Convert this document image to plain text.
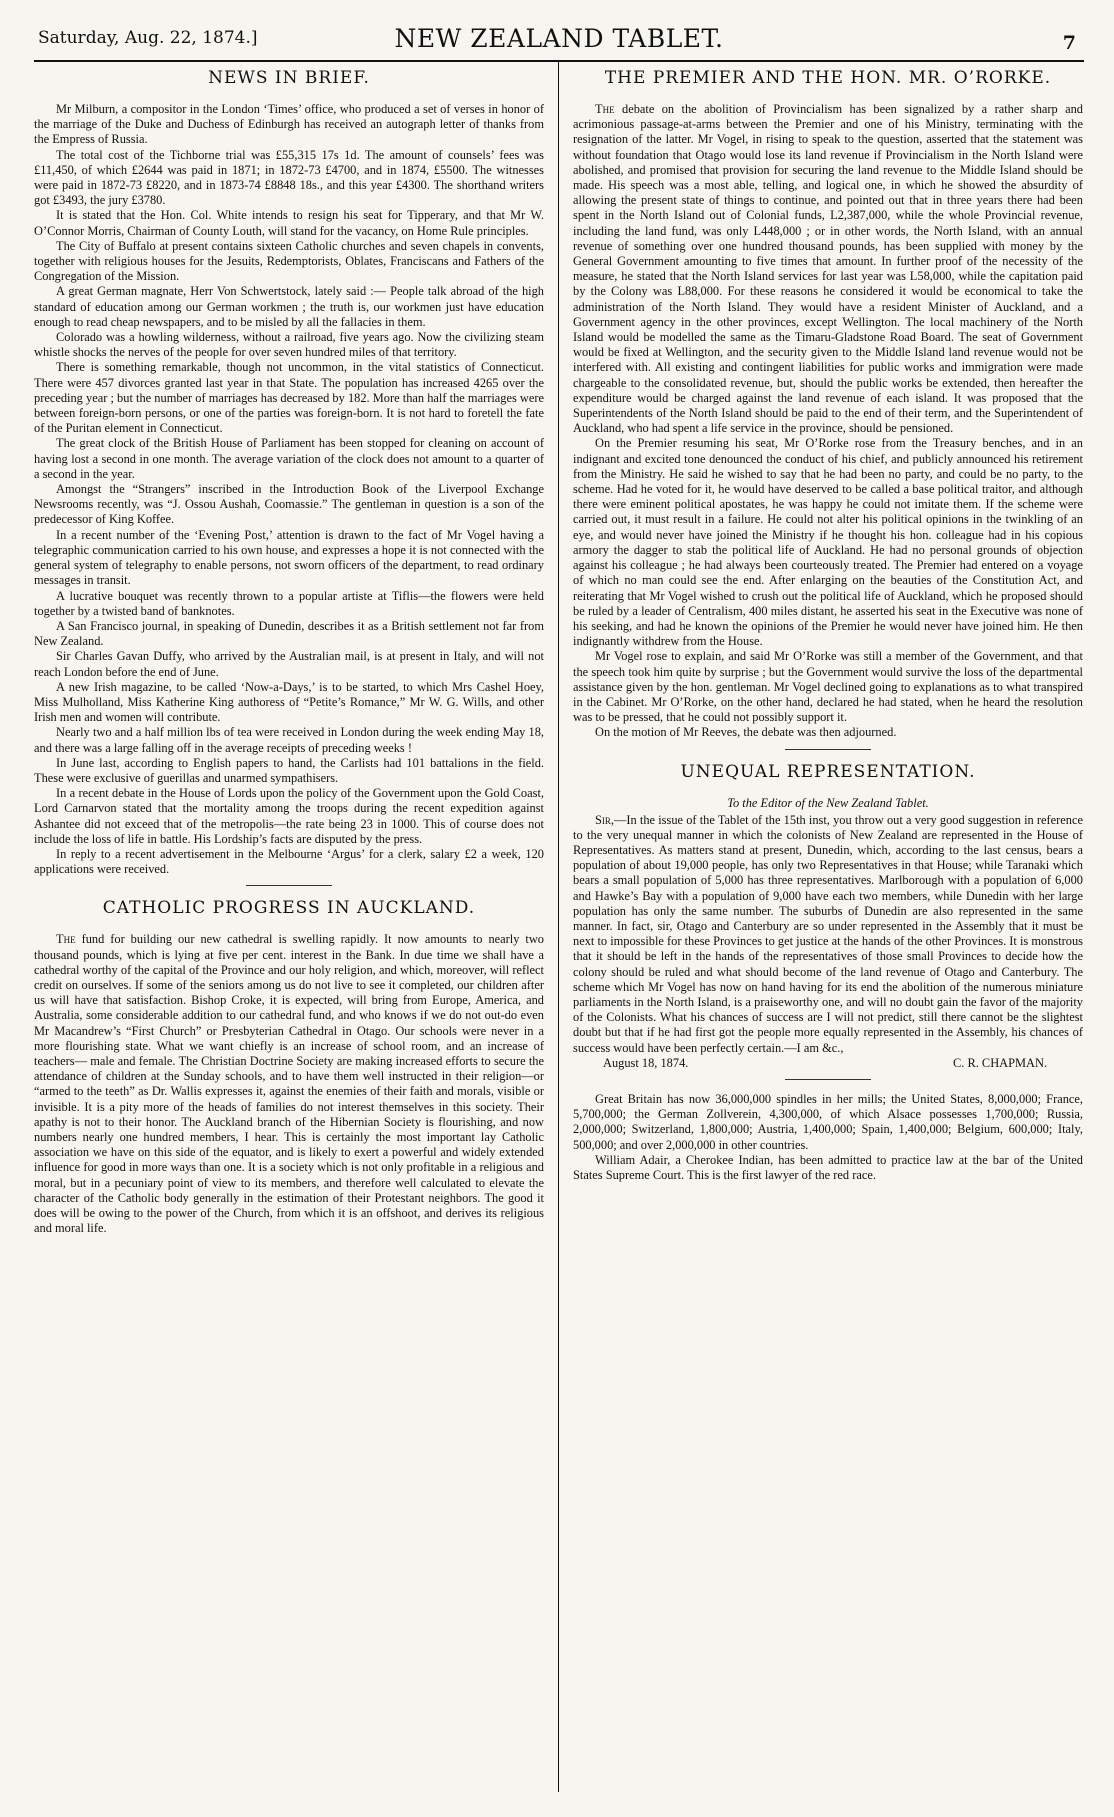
Saturday, Aug. 22, 1874.]	NEW ZEALAND TABLET.	7
NEWS IN BRIEF.

Mr Milburn, a compositor in the London ‘Times’ office, who produced a set of verses in honor of the marriage of the Duke and Duchess of Edinburgh has received an autograph letter of thanks from the Empress of Russia.

The total cost of the Tichborne trial was £55,315 17s 1d. The amount of counsels’ fees was £11,450, of which £2644 was paid in 1871; in 1872-73 £4700, and in 1874, £5500. The witnesses were paid in 1872-73 £8220, and in 1873-74 £8848 18s., and this year £4300. The shorthand writers got £3493, the jury £3780.

It is stated that the Hon. Col. White intends to resign his seat for Tipperary, and that Mr W. O’Connor Morris, Chairman of County Louth, will stand for the vacancy, on Home Rule principles.

The City of Buffalo at present contains sixteen Catholic churches and seven chapels in convents, together with religious houses for the Jesuits, Redemptorists, Oblates, Franciscans and Fathers of the Congregation of the Mission.

A great German magnate, Herr Von Schwertstock, lately said :— People talk abroad of the high standard of education among our German workmen ; the truth is, our workmen just have education enough to read cheap newspapers, and to be misled by all the fallacies in them.

Colorado was a howling wilderness, without a railroad, five years ago. Now the civilizing steam whistle shocks the nerves of the people for over seven hundred miles of that territory.

There is something remarkable, though not uncommon, in the vital statistics of Connecticut. There were 457 divorces granted last year in that State. The population has increased 4265 over the preceding year ; but the number of marriages has decreased by 182. More than half the marriages were between foreign-born persons, or one of the parties was foreign-born. It is not hard to foretell the fate of the Puritan element in Connecticut.

The great clock of the British House of Parliament has been stopped for cleaning on account of having lost a second in one month. The average variation of the clock does not amount to a quarter of a second in the year.

Amongst the “Strangers” inscribed in the Introduction Book of the Liverpool Exchange Newsrooms recently, was “J. Ossou Aushah, Coomassie.” The gentleman in question is a son of the predecessor of King Koffee.

In a recent number of the ‘Evening Post,’ attention is drawn to the fact of Mr Vogel having a telegraphic communication carried to his own house, and expresses a hope it is not connected with the general system of telegraphy to enable persons, not sworn officers of the department, to read ordinary messages in transit.

A lucrative bouquet was recently thrown to a popular artiste at Tiflis—the flowers were held together by a twisted band of banknotes.

A San Francisco journal, in speaking of Dunedin, describes it as a British settlement not far from New Zealand.

Sir Charles Gavan Duffy, who arrived by the Australian mail, is at present in Italy, and will not reach London before the end of June.

A new Irish magazine, to be called ‘Now-a-Days,’ is to be started, to which Mrs Cashel Hoey, Miss Mulholland, Miss Katherine King authoress of “Petite’s Romance,” Mr W. G. Wills, and other Irish men and women will contribute.

Nearly two and a half million lbs of tea were received in London during the week ending May 18, and there was a large falling off in the average receipts of preceding weeks !

In June last, according to English papers to hand, the Carlists had 101 battalions in the field. These were exclusive of guerillas and unarmed sympathisers.

In a recent debate in the House of Lords upon the policy of the Government upon the Gold Coast, Lord Carnarvon stated that the mortality among the troops during the recent expedition against Ashantee did not exceed that of the metropolis—the rate being 23 in 1000. This of course does not include the loss of life in battle. His Lordship’s facts are disputed by the press.

In reply to a recent advertisement in the Melbourne ‘Argus’ for a clerk, salary £2 a week, 120 applications were received.

CATHOLIC PROGRESS IN AUCKLAND.

The fund for building our new cathedral is swelling rapidly. It now amounts to nearly two thousand pounds, which is lying at five per cent. interest in the Bank. In due time we shall have a cathedral worthy of the capital of the Province and our holy religion, and which, moreover, will reflect credit on ourselves. If some of the seniors among us do not live to see it completed, our children after us will have that satisfaction. Bishop Croke, it is expected, will bring from Europe, America, and Australia, some considerable addition to our cathedral fund, and who knows if we do not out-do even Mr Macandrew’s “First Church” or Presbyterian Cathedral in Otago. Our schools were never in a more flourishing state. What we want chiefly is an increase of school room, and an increase of teachers— male and female. The Christian Doctrine Society are making increased efforts to secure the attendance of children at the Sunday schools, and to have them well instructed in their religion—or “armed to the teeth” as Dr. Wallis expresses it, against the enemies of their faith and morals, visible or invisible. It is a pity more of the heads of families do not interest themselves in this society. Their apathy is not to their honor. The Auckland branch of the Hibernian Society is flourishing, and now numbers nearly one hundred members, I hear. This is certainly the most important lay Catholic association we have on this side of the equator, and is likely to exert a powerful and widely extended influence for good in more ways than one. It is a society which is not only profitable in a religious and moral, but in a pecuniary point of view to its members, and therefore well calculated to elevate the character of the Catholic body generally in the estimation of their Protestant neighbors. The good it does will be owing to the power of the Church, from which it is an offshoot, and derives its religious and moral life.

THE PREMIER AND THE HON. MR. O’RORKE.

The debate on the abolition of Provincialism has been signalized by a rather sharp and acrimonious passage-at-arms between the Premier and one of his Ministry, terminating with the resignation of the latter. Mr Vogel, in rising to speak to the question, asserted that the statement was without foundation that Otago would lose its land revenue if Provincialism in the North Island were abolished, and promised that provision for securing the land revenue to the Middle Island should be made. His speech was a most able, telling, and logical one, in which he showed the absurdity of allowing the present state of things to continue, and pointed out that in three years there had been spent in the North Island out of Colonial funds, L2,387,000, while the whole Provincial revenue, including the land fund, was only L448,000 ; or in other words, the North Island, with an annual revenue of something over one hundred thousand pounds, has been supplied with money by the General Government amounting to five times that amount. In further proof of the necessity of the measure, he stated that the North Island services for last year was L58,000, while the capitation paid by the Colony was L88,000. For these reasons he considered it would be economical to take the administration of the North Island. They would have a resident Minister of Auckland, and a Government agency in the other provinces, except Wellington. The local machinery of the North Island would be modelled the same as the Timaru-Gladstone Road Board. The seat of Government would be fixed at Wellington, and the security given to the Middle Island land revenue would not be interfered with. All existing and contingent liabilities for public works and immigration were made chargeable to the consolidated revenue, but, should the public works be extended, then hereafter the expenditure would be charged against the land revenue of each island. It was proposed that the Superintendents of the North Island should be paid to the end of their term, and the Superintendent of Auckland, who had spent a life service in the province, should be pensioned.

On the Premier resuming his seat, Mr O’Rorke rose from the Treasury benches, and in an indignant and excited tone denounced the conduct of his chief, and publicly announced his retirement from the Ministry. He said he wished to say that he had been no party, and could be no party, to the scheme. Had he voted for it, he would have deserved to be called a base political traitor, and although there were eminent political apostates, he was happy he could not imitate them. If the scheme were carried out, it must result in a failure. He could not alter his political opinions in the twinkling of an eye, and would never have joined the Ministry if he thought his hon. colleague had in his copious armory the dagger to stab the political life of Auckland. He had no personal grounds of objection against his colleague ; he had always been courteously treated. The Premier had entered on a voyage of which no man could see the end. After enlarging on the beauties of the Constitution Act, and reiterating that Mr Vogel wished to crush out the political life of Auckland, which he proposed should be ruled by a leader of Centralism, 400 miles distant, he asserted his seat in the Executive was none of his seeking, and had he known the opinions of the Premier he would never have joined him. He then indignantly withdrew from the House.

Mr Vogel rose to explain, and said Mr O’Rorke was still a member of the Government, and that the speech took him quite by surprise ; but the Government would survive the loss of the departmental assistance given by the hon. gentleman. Mr Vogel declined going to explanations as to what transpired in the Cabinet. Mr O’Rorke, on the other hand, declared he had stated, when he heard the resolution was to be pressed, that he could not possibly support it.

On the motion of Mr Reeves, the debate was then adjourned.

UNEQUAL REPRESENTATION.
To the Editor of the New Zealand Tablet.

Sir,—In the issue of the Tablet of the 15th inst, you throw out a very good suggestion in reference to the very unequal manner in which the colonists of New Zealand are represented in the House of Representatives. As matters stand at present, Dunedin, which, according to the last census, bears a population of about 19,000 people, has only two Representatives in that House; while Taranaki which bears a small population of 5,000 has three representatives. Marlborough with a population of 6,000 and Hawke’s Bay with a population of 9,000 have each two members, while Dunedin with her large population has only the same number. The suburbs of Dunedin are also represented in the same manner. In fact, sir, Otago and Canterbury are so under represented in the Assembly that it must be next to impossible for these Provinces to get justice at the hands of the other Provinces. It is monstrous that it should be left in the hands of the representatives of those small Provinces to decide how the colony should be ruled and what should become of the land revenue of Otago and Canterbury. The scheme which Mr Vogel has now on hand having for its end the abolition of the numerous miniature parliaments in the North Island, is a praiseworthy one, and will no doubt gain the favor of the majority of the Colonists. What his chances of success are I will not predict, still there cannot be the slightest doubt but that if he had first got the people more equally represented in the Assembly, his chances of success would have been perfectly certain.—I am &c.,

August 18, 1874.	C. R. CHAPMAN.

Great Britain has now 36,000,000 spindles in her mills; the United States, 8,000,000; France, 5,700,000; the German Zollverein, 4,300,000, of which Alsace possesses 1,700,000; Russia, 2,000,000; Switzerland, 1,800,000; Austria, 1,400,000; Spain, 1,400,000; Belgium, 600,000; Italy, 500,000; and over 2,000,000 in other countries.

William Adair, a Cherokee Indian, has been admitted to practice law at the bar of the United States Supreme Court. This is the first lawyer of the red race.
